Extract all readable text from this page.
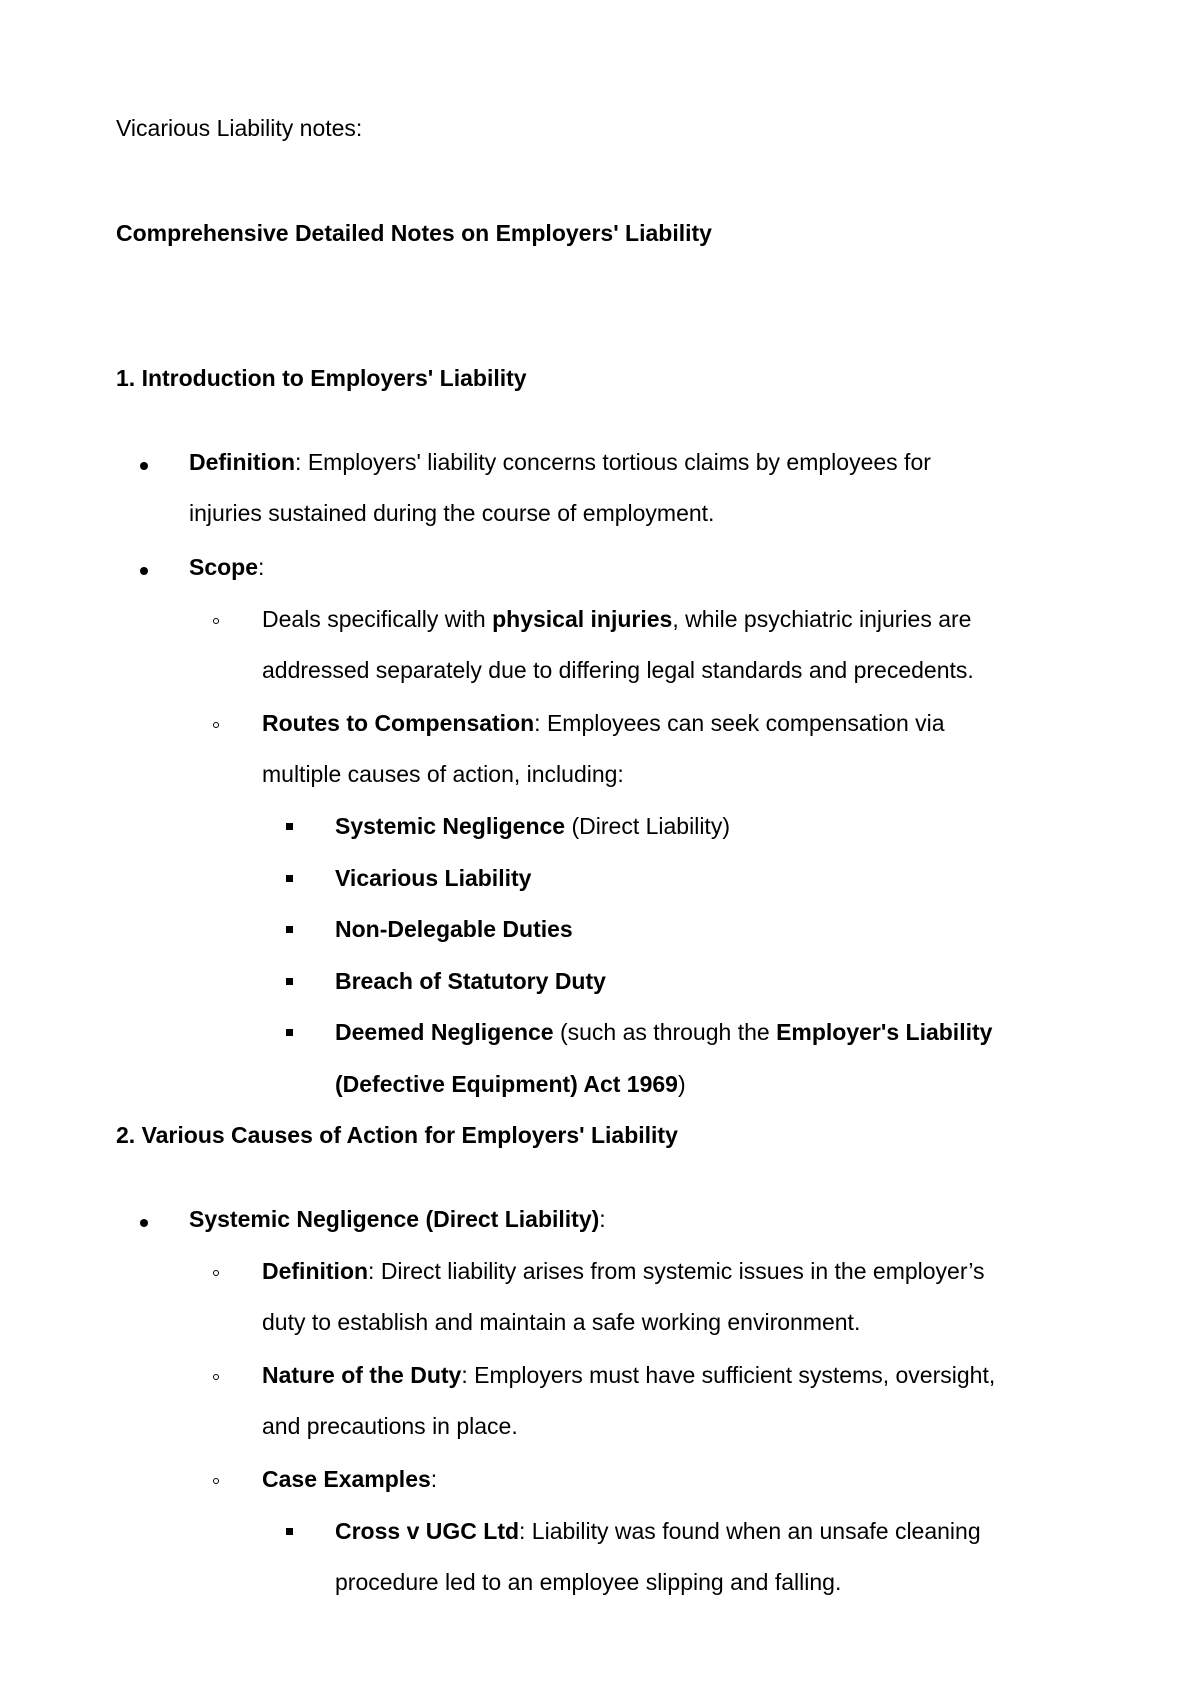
Vicarious Liability notes:
Comprehensive Detailed Notes on Employers' Liability
1. Introduction to Employers' Liability
Definition: Employers' liability concerns tortious claims by employees for
injuries sustained during the course of employment.
Scope:
Deals specifically with physical injuries, while psychiatric injuries are
addressed separately due to differing legal standards and precedents.
Routes to Compensation: Employees can seek compensation via
multiple causes of action, including:
Systemic Negligence (Direct Liability)
Vicarious Liability
Non-Delegable Duties
Breach of Statutory Duty
Deemed Negligence (such as through the Employer's Liability
(Defective Equipment) Act 1969)
2. Various Causes of Action for Employers' Liability
Systemic Negligence (Direct Liability):
Definition: Direct liability arises from systemic issues in the employer’s
duty to establish and maintain a safe working environment.
Nature of the Duty: Employers must have sufficient systems, oversight,
and precautions in place.
Case Examples:
Cross v UGC Ltd: Liability was found when an unsafe cleaning
procedure led to an employee slipping and falling.
